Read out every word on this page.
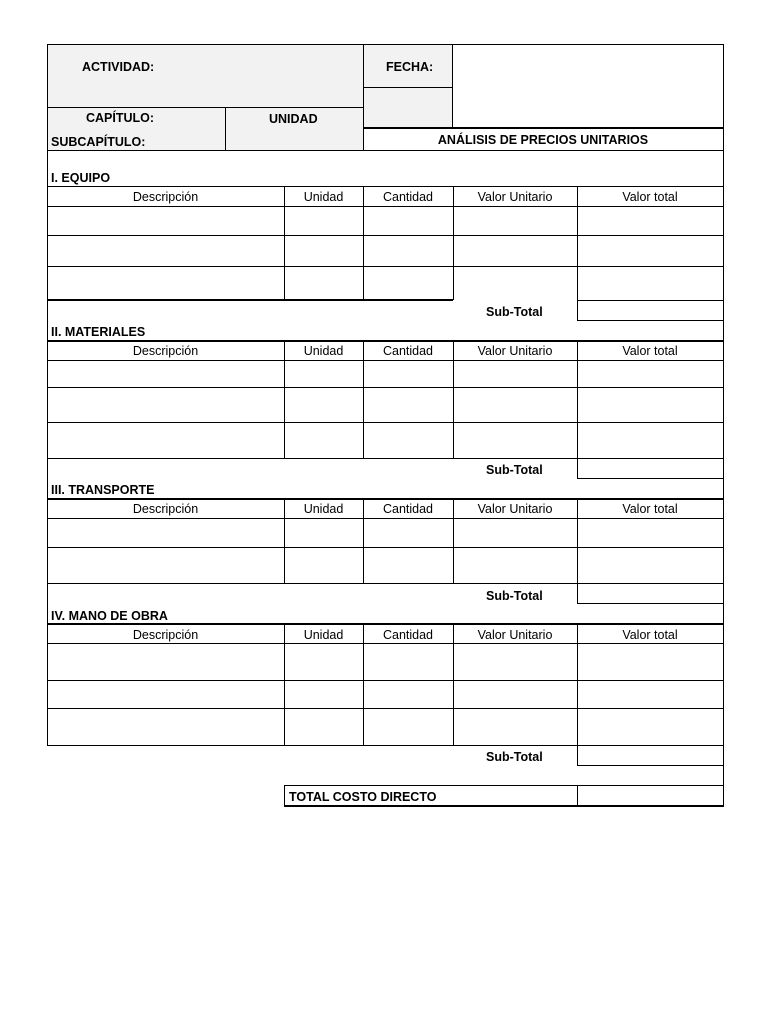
ACTIVIDAD:	FECHA:
CAPÍTULO:	UNIDAD
SUBCAPÍTULO:	ANÁLISIS DE PRECIOS UNITARIOS
I. EQUIPO
Descripción	Unidad	Cantidad	Valor Unitario	Valor total
Sub-Total
II. MATERIALES
Descripción	Unidad	Cantidad	Valor Unitario	Valor total
Sub-Total
III. TRANSPORTE
Descripción	Unidad	Cantidad	Valor Unitario	Valor total
Sub-Total
IV. MANO DE OBRA
Descripción	Unidad	Cantidad	Valor Unitario	Valor total
Sub-Total
TOTAL COSTO DIRECTO
